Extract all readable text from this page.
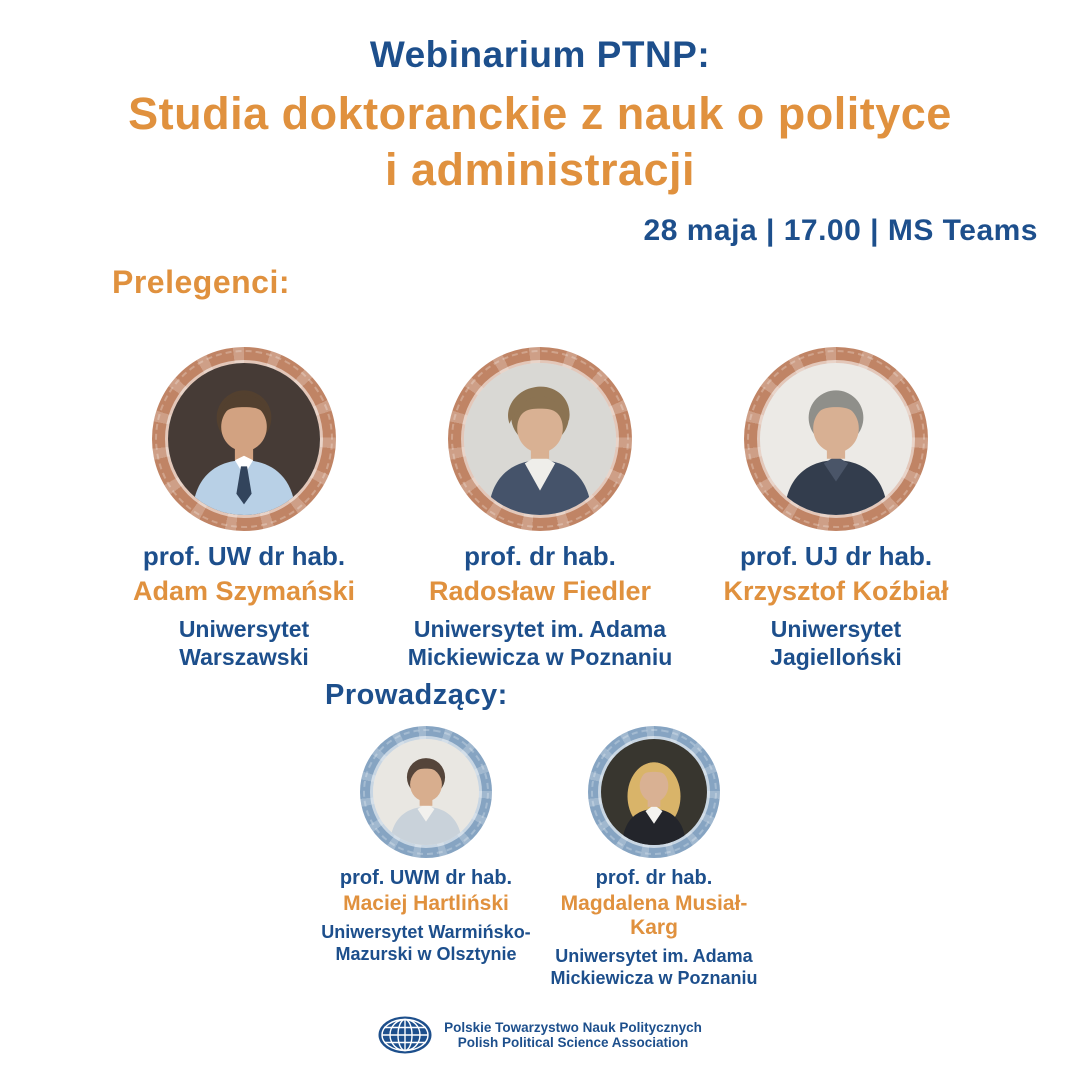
Webinarium PTNP:
Studia doktoranckie z nauk o polityce
i administracji
28 maja | 17.00 | MS Teams
Prelegenci:
prof. UW dr hab.
Adam Szymański
Uniwersytet
Warszawski
prof. dr hab.
Radosław Fiedler
Uniwersytet im. Adama
Mickiewicza w Poznaniu
prof. UJ dr hab.
Krzysztof Koźbiał
Uniwersytet
Jagielloński
Prowadzący:
prof. UWM dr hab.
Maciej Hartliński
Uniwersytet Warmińsko-
Mazurski w Olsztynie
prof. dr hab.
Magdalena Musiał-Karg
Uniwersytet im. Adama
Mickiewicza w Poznaniu
Polskie Towarzystwo Nauk Politycznych
Polish Political Science Association
